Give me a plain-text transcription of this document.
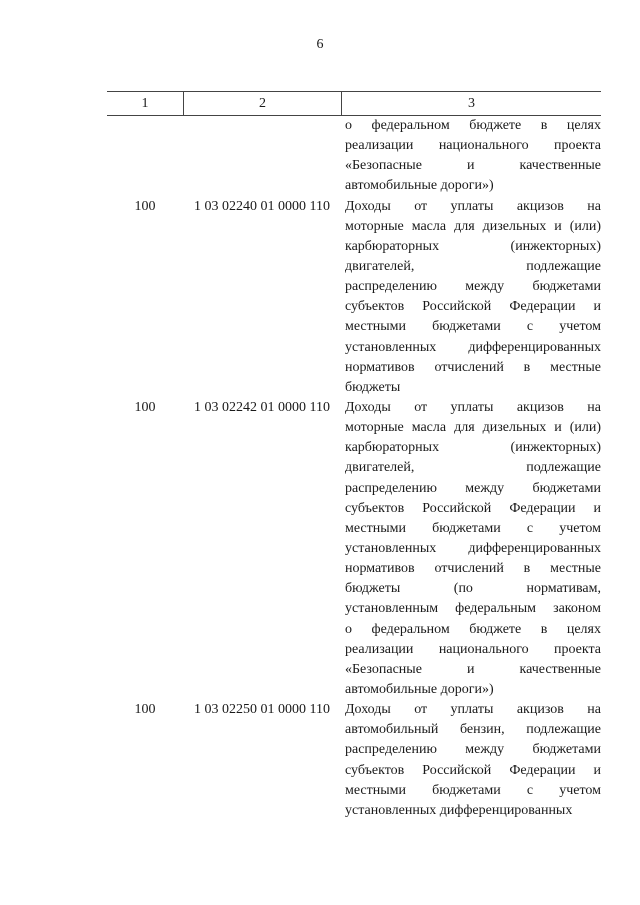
6
1	2	3
о федеральном бюджете в целях
реализации национального проекта
«Безопасные и качественные
автомобильные дороги»)
100	1 03 02240 01 0000 110	Доходы от уплаты акцизов на
моторные масла для дизельных и (или)
карбюраторных (инжекторных)
двигателей, подлежащие
распределению между бюджетами
субъектов Российской Федерации и
местными бюджетами с учетом
установленных дифференцированных
нормативов отчислений в местные
бюджеты
100	1 03 02242 01 0000 110	Доходы от уплаты акцизов на
моторные масла для дизельных и (или)
карбюраторных (инжекторных)
двигателей, подлежащие
распределению между бюджетами
субъектов Российской Федерации и
местными бюджетами с учетом
установленных дифференцированных
нормативов отчислений в местные
бюджеты (по нормативам,
установленным федеральным законом
о федеральном бюджете в целях
реализации национального проекта
«Безопасные и качественные
автомобильные дороги»)
100	1 03 02250 01 0000 110	Доходы от уплаты акцизов на
автомобильный бензин, подлежащие
распределению между бюджетами
субъектов Российской Федерации и
местными бюджетами с учетом
установленных дифференцированных
